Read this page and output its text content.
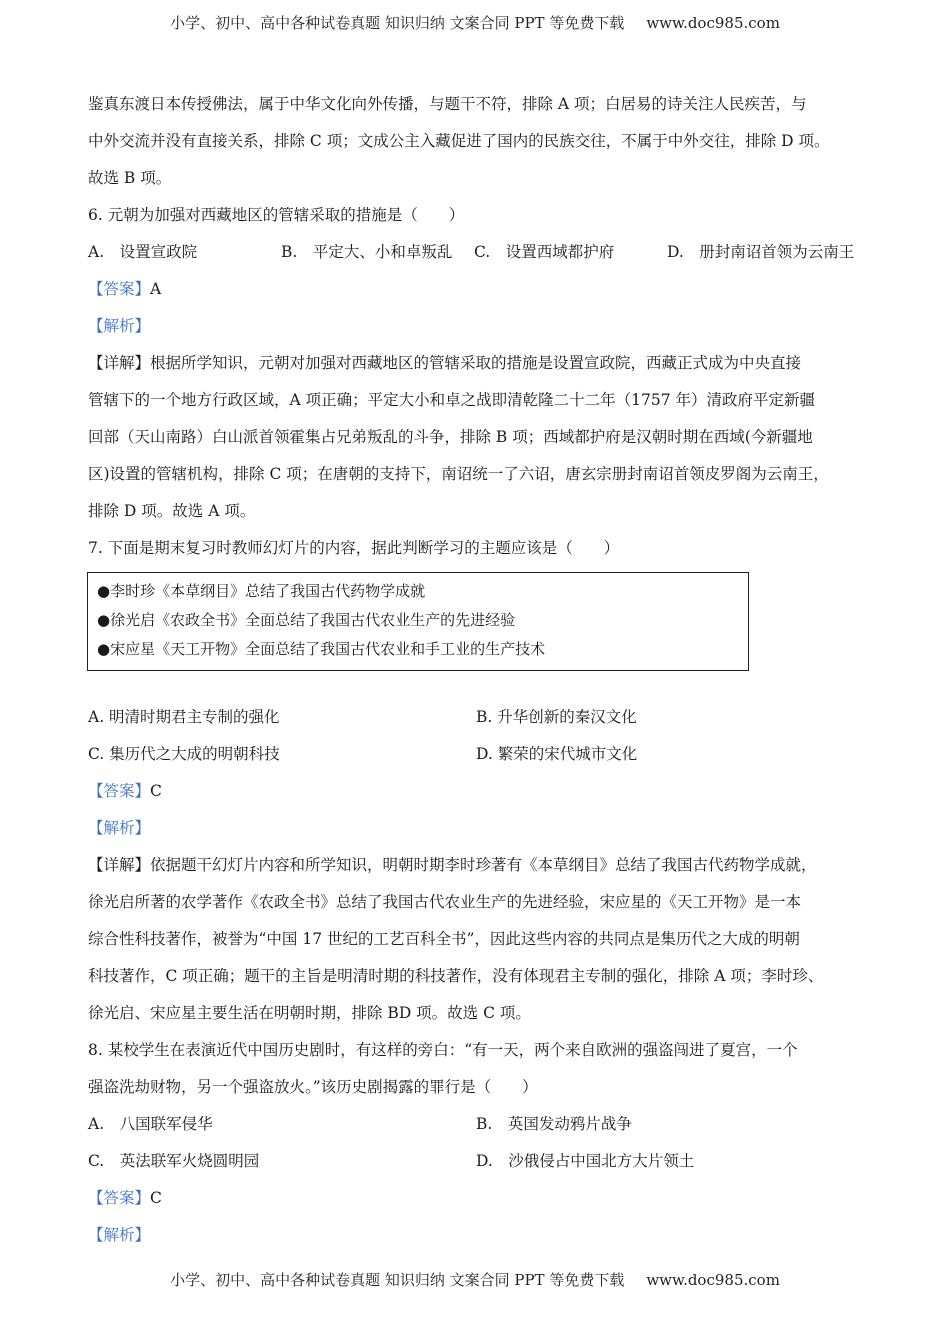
小学、初中、高中各种试卷真题 知识归纳 文案合同 PPT 等免费下载 www.doc985.com
鉴真东渡日本传授佛法，属于中华文化向外传播，与题干不符，排除 A 项；白居易的诗关注人民疾苦，与
中外交流并没有直接关系，排除 C 项；文成公主入藏促进了国内的民族交往，不属于中外交往，排除 D 项。
故选 B 项。
6. 元朝为加强对西藏地区的管辖采取的措施是（　　）
A.　设置宣政院	B.　平定大、小和卓叛乱	C.　设置西域都护府	D.　册封南诏首领为云南王
【答案】A
【解析】
【详解】根据所学知识，元朝对加强对西藏地区的管辖采取的措施是设置宣政院，西藏正式成为中央直接
管辖下的一个地方行政区域，A 项正确；平定大小和卓之战即清乾隆二十二年（1757 年）清政府平定新疆
回部（天山南路）白山派首领霍集占兄弟叛乱的斗争，排除 B 项；西域都护府是汉朝时期在西域(今新疆地
区)设置的管辖机构，排除 C 项；在唐朝的支持下，南诏统一了六诏，唐玄宗册封南诏首领皮罗阁为云南王，
排除 D 项。故选 A 项。
7. 下面是期末复习时教师幻灯片的内容，据此判断学习的主题应该是（　　）
●李时珍《本草纲目》总结了我国古代药物学成就
●徐光启《农政全书》全面总结了我国古代农业生产的先进经验
●宋应星《天工开物》全面总结了我国古代农业和手工业的生产技术
A. 明清时期君主专制的强化	B. 升华创新的秦汉文化
C. 集历代之大成的明朝科技	D. 繁荣的宋代城市文化
【答案】C
【解析】
【详解】依据题干幻灯片内容和所学知识，明朝时期李时珍著有《本草纲目》总结了我国古代药物学成就，
徐光启所著的农学著作《农政全书》总结了我国古代农业生产的先进经验，宋应星的《天工开物》是一本
综合性科技著作，被誉为“中国 17 世纪的工艺百科全书”，因此这些内容的共同点是集历代之大成的明朝
科技著作，C 项正确；题干的主旨是明清时期的科技著作，没有体现君主专制的强化，排除 A 项；李时珍、
徐光启、宋应星主要生活在明朝时期，排除 BD 项。故选 C 项。
8. 某校学生在表演近代中国历史剧时，有这样的旁白：“有一天，两个来自欧洲的强盗闯进了夏宫，一个
强盗洗劫财物，另一个强盗放火。”该历史剧揭露的罪行是（　　）
A.　八国联军侵华	B.　英国发动鸦片战争
C.　英法联军火烧圆明园	D.　沙俄侵占中国北方大片领土
【答案】C
【解析】
小学、初中、高中各种试卷真题 知识归纳 文案合同 PPT 等免费下载 www.doc985.com
